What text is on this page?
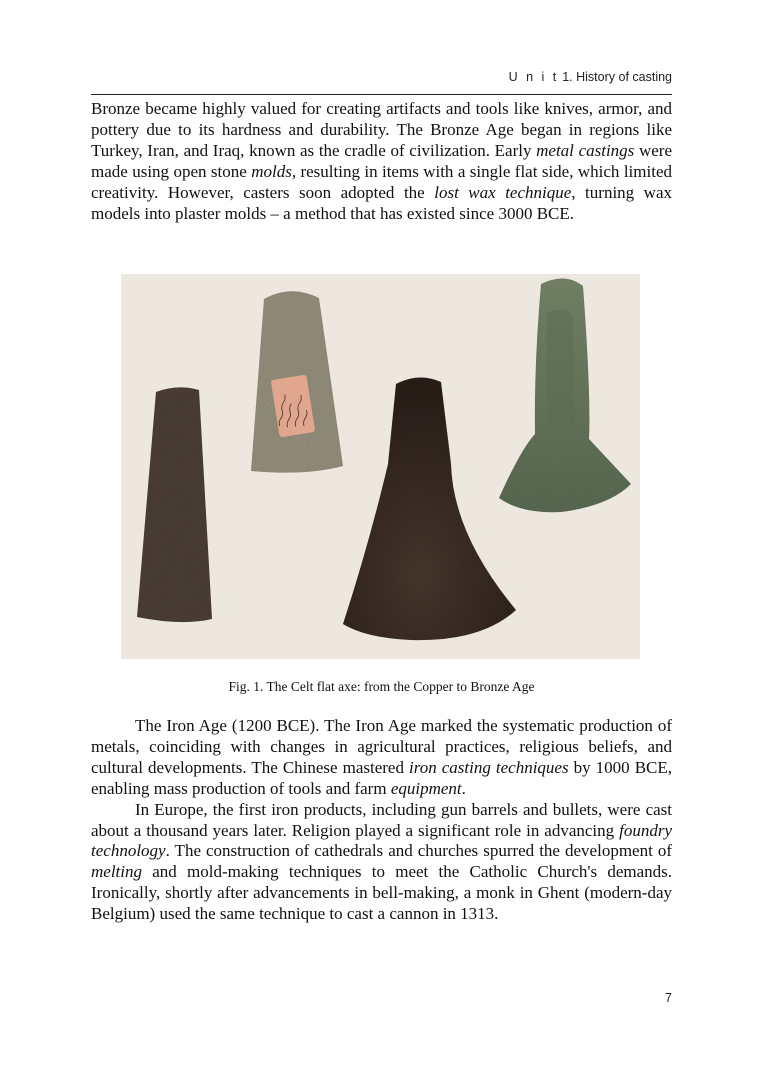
U n i t 1. History of casting

Bronze became highly valued for creating artifacts and tools like knives, armor, and pottery due to its hardness and durability. The Bronze Age began in regions like Turkey, Iran, and Iraq, known as the cradle of civilization. Early metal castings were made using open stone molds, resulting in items with a single flat side, which limited creativity. However, casters soon adopted the lost wax technique, turning wax models into plaster molds – a method that has existed since 3000 BCE.

Fig. 1. The Celt flat axe: from the Copper to Bronze Age

The Iron Age (1200 BCE). The Iron Age marked the systematic production of metals, coinciding with changes in agricultural practices, religious beliefs, and cultural developments. The Chinese mastered iron casting techniques by 1000 BCE, enabling mass production of tools and farm equipment.

In Europe, the first iron products, including gun barrels and bullets, were cast about a thousand years later. Religion played a significant role in advancing foundry technology. The construction of cathedrals and churches spurred the development of melting and mold-making techniques to meet the Catholic Church's demands. Ironically, shortly after advancements in bell-making, a monk in Ghent (modern-day Belgium) used the same technique to cast a cannon in 1313.

7
